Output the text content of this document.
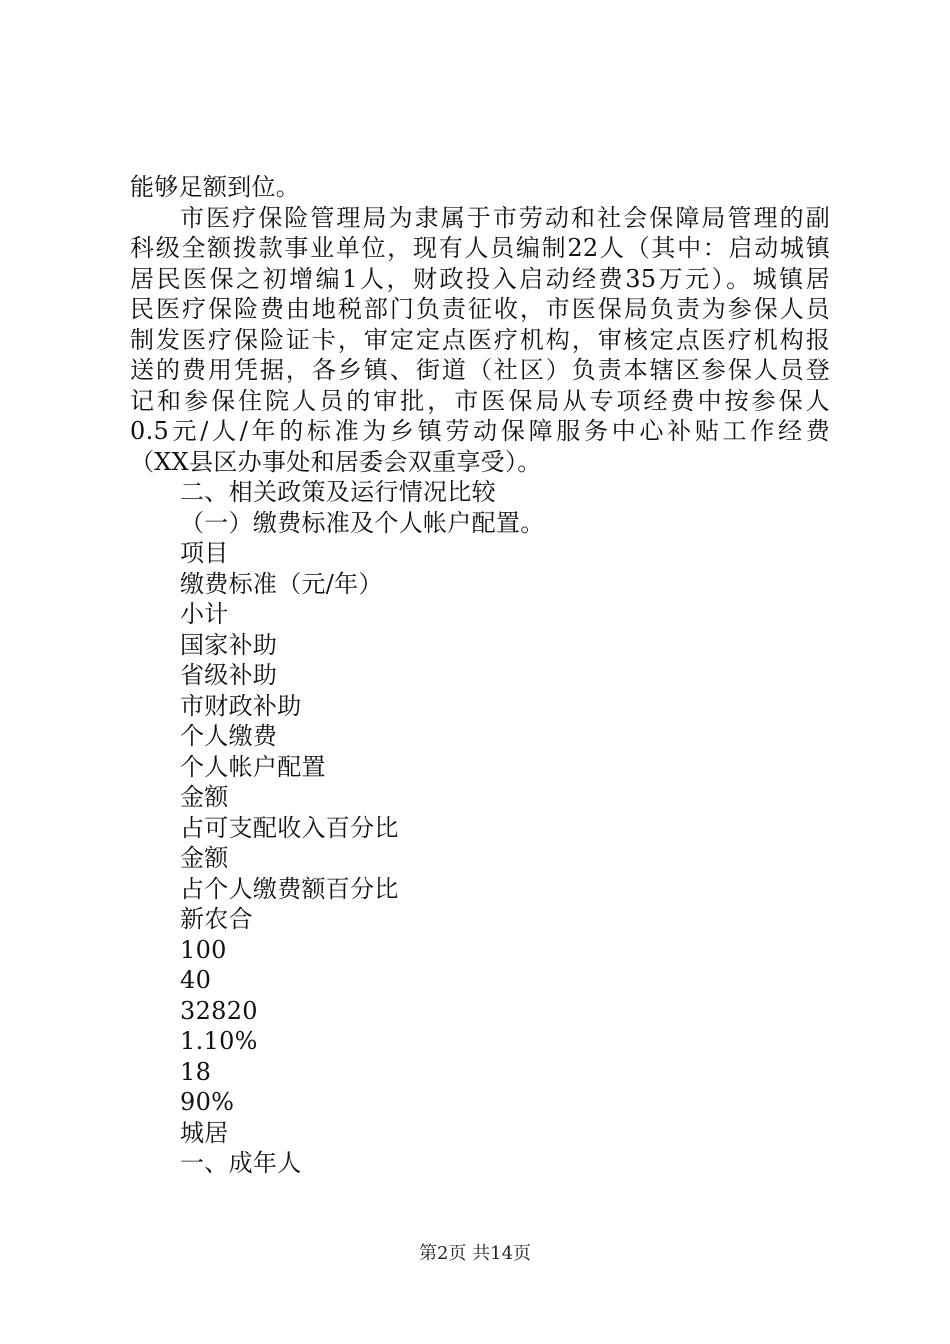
能够足额到位。
市医疗保险管理局为隶属于市劳动和社会保障局管理的副
科级全额拨款事业单位，现有人员编制22人（其中：启动城镇
居民医保之初增编1人，财政投入启动经费35万元）。城镇居
民医疗保险费由地税部门负责征收，市医保局负责为参保人员
制发医疗保险证卡，审定定点医疗机构，审核定点医疗机构报
送的费用凭据，各乡镇、街道（社区）负责本辖区参保人员登
记和参保住院人员的审批，市医保局从专项经费中按参保人
0.5元/人/年的标准为乡镇劳动保障服务中心补贴工作经费
（XX县区办事处和居委会双重享受）。
二、相关政策及运行情况比较
（一）缴费标准及个人帐户配置。
项目
缴费标准（元/年）
小计
国家补助
省级补助
市财政补助
个人缴费
个人帐户配置
金额
占可支配收入百分比
金额
占个人缴费额百分比
新农合
100
40
32820
1.10%
18
90%
城居
一、成年人
第2页 共14页
